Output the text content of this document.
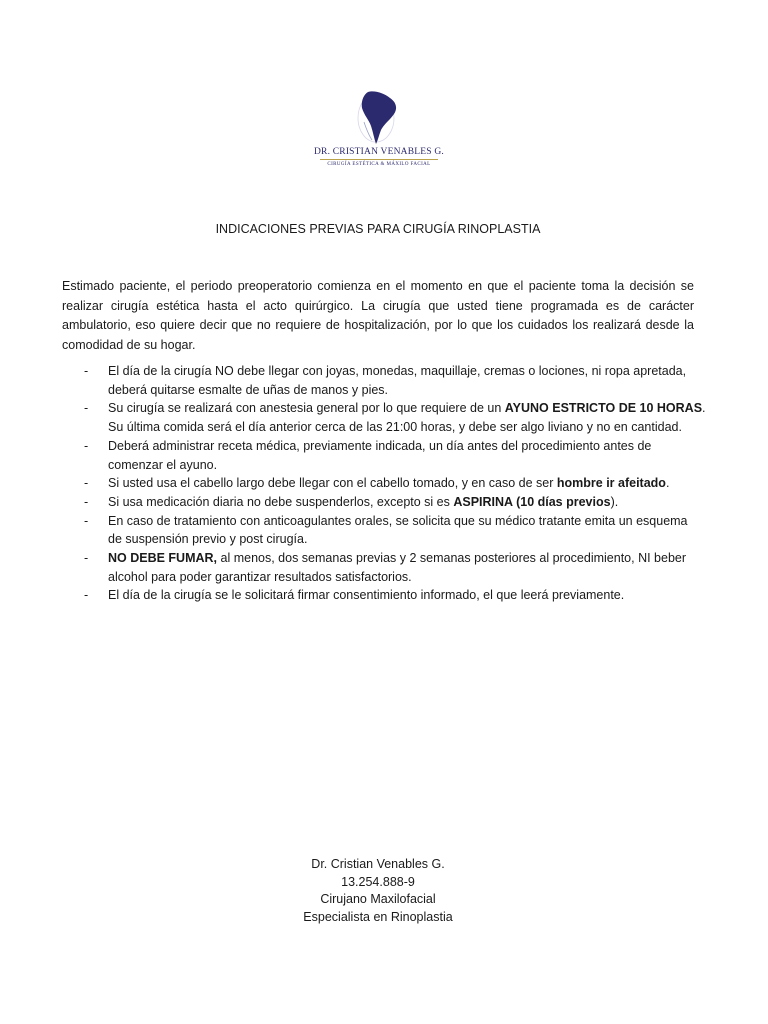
DR. CRISTIAN VENABLES G.
CIRUGÍA ESTÉTICA & MÁXILO FACIAL
INDICACIONES PREVIAS PARA CIRUGÍA RINOPLASTIA
Estimado paciente, el periodo preoperatorio comienza en el momento en que el paciente toma la decisión se
realizar cirugía estética hasta el acto quirúrgico. La cirugía que usted tiene programada es de carácter
ambulatorio, eso quiere decir que no requiere de hospitalización, por lo que los cuidados los realizará desde la
comodidad de su hogar.
- El día de la cirugía NO debe llegar con joyas, monedas, maquillaje, cremas o lociones, ni ropa apretada,
deberá quitarse esmalte de uñas de manos y pies.
- Su cirugía se realizará con anestesia general por lo que requiere de un AYUNO ESTRICTO DE 10 HORAS.
Su última comida será el día anterior cerca de las 21:00 horas, y debe ser algo liviano y no en cantidad.
- Deberá administrar receta médica, previamente indicada, un día antes del procedimiento antes de
comenzar el ayuno.
- Si usted usa el cabello largo debe llegar con el cabello tomado, y en caso de ser hombre ir afeitado.
- Si usa medicación diaria no debe suspenderlos, excepto si es ASPIRINA (10 días previos).
- En caso de tratamiento con anticoagulantes orales, se solicita que su médico tratante emita un esquema
de suspensión previo y post cirugía.
- NO DEBE FUMAR, al menos, dos semanas previas y 2 semanas posteriores al procedimiento, NI beber
alcohol para poder garantizar resultados satisfactorios.
- El día de la cirugía se le solicitará firmar consentimiento informado, el que leerá previamente.
Dr. Cristian Venables G.
13.254.888-9
Cirujano Maxilofacial
Especialista en Rinoplastia
